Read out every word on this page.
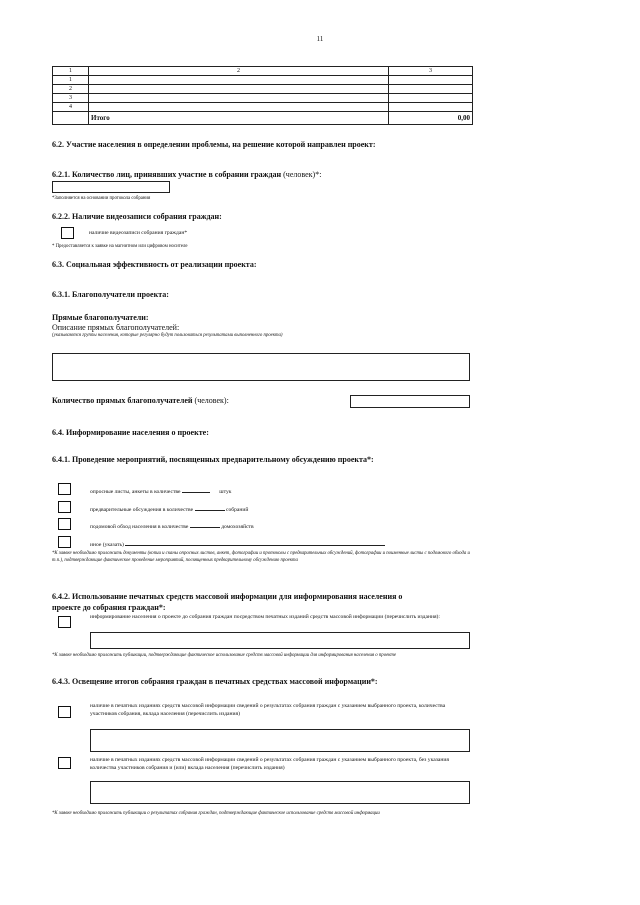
11
1	2	3
1		
2		
3		
4		
	Итого	0,00
6.2. Участие населения в определении проблемы, на решение которой направлен проект:
6.2.1. Количество лиц, принявших участие в собрании граждан (человек)*:
*Заполняется на основании протокола собрания
6.2.2. Наличие видеозаписи собрания граждан:
наличие видеозаписи собрания граждан*
* Предоставляется к заявке на магнитном или цифровом носителе
6.3. Социальная эффективность от реализации проекта:
6.3.1. Благополучатели проекта:
Прямые благополучатели:
Описание прямых благополучателей:
(указываются группы населения, которые регулярно будут пользоваться результатами выполненного проекта)
Количество прямых благополучателей (человек):
6.4. Информирование населения о проекте:
6.4.1. Проведение мероприятий, посвященных предварительному обсуждению проекта*:
опросные листы, анкеты в количестве	штук
предварительные обсуждения в количестве	собраний
подомовой обход населения в количестве	домохозяйств
иное (указать)
*К заявке необходимо приложить документы (копии и сканы опросных листов, анкет, фотографии и протоколы с предварительных обсуждений, фотографии и поименные листы с подомового обхода и т.п.), подтверждающие фактическое проведение мероприятий, посвященных предварительному обсуждению проекта
6.4.2. Использование печатных средств массовой информации для информирования населения о
проекте до собрания граждан*:
информирование населения о проекте до собрания граждан посредством печатных изданий средств массовой информации (перечислить издания):
*К заявке необходимо приложить публикации, подтверждающие фактическое использование средств массовой информации для информирования населения о проекте
6.4.3. Освещение итогов собрания граждан в печатных средствах массовой информации*:
наличие в печатных изданиях средств массовой информации сведений о результатах собрания граждан с указанием выбранного проекта, количества участников собрания, вклада населения (перечислить издания)
наличие в печатных изданиях средств массовой информации сведений о результатах собрания граждан с указанием выбранного проекта, без указания количества участников собрания и (или) вклада населения (перечислить издания)
*К заявке необходимо приложить публикации о результатах собрания граждан, подтверждающие фактическое использование средств массовой информации
